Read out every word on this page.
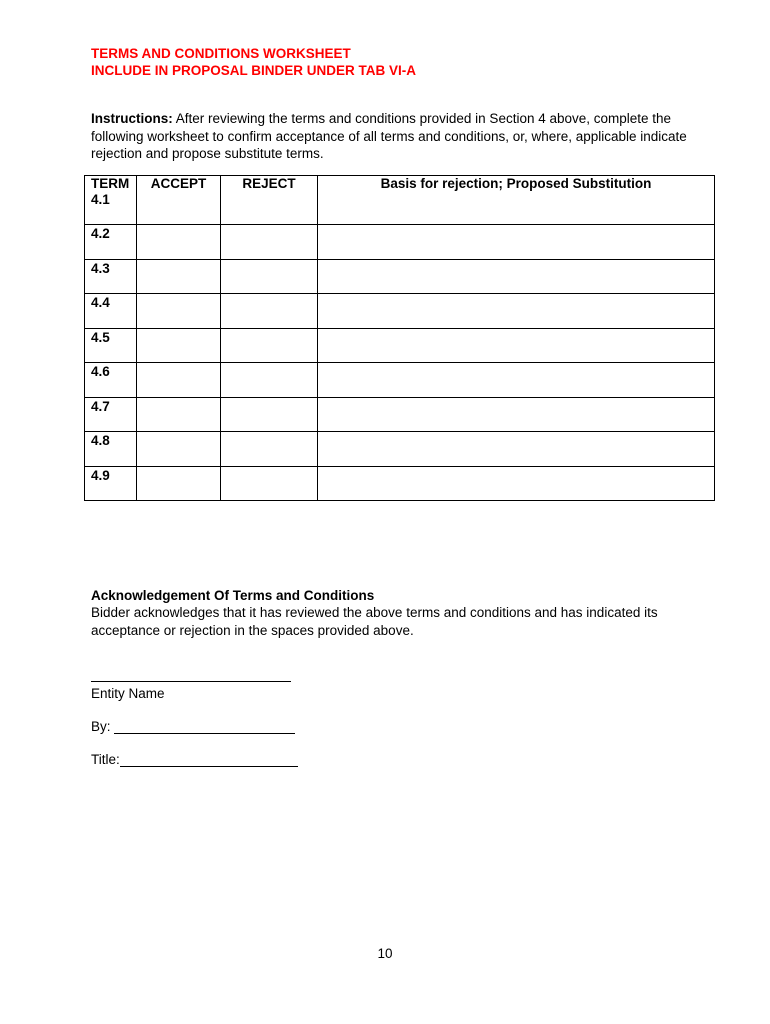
TERMS AND CONDITIONS WORKSHEET
INCLUDE IN PROPOSAL BINDER UNDER TAB VI-A
Instructions: After reviewing the terms and conditions provided in Section 4 above, complete the following worksheet to confirm acceptance of all terms and conditions, or, where, applicable indicate rejection and propose substitute terms.
TERM	ACCEPT	REJECT	Basis for rejection; Proposed Substitution
4.1			
4.2			
4.3			
4.4			
4.5			
4.6			
4.7			
4.8			
4.9			
Acknowledgement Of Terms and Conditions
Bidder acknowledges that it has reviewed the above terms and conditions and has indicated its acceptance or rejection in the spaces provided above.
Entity Name
By:
Title:
10
